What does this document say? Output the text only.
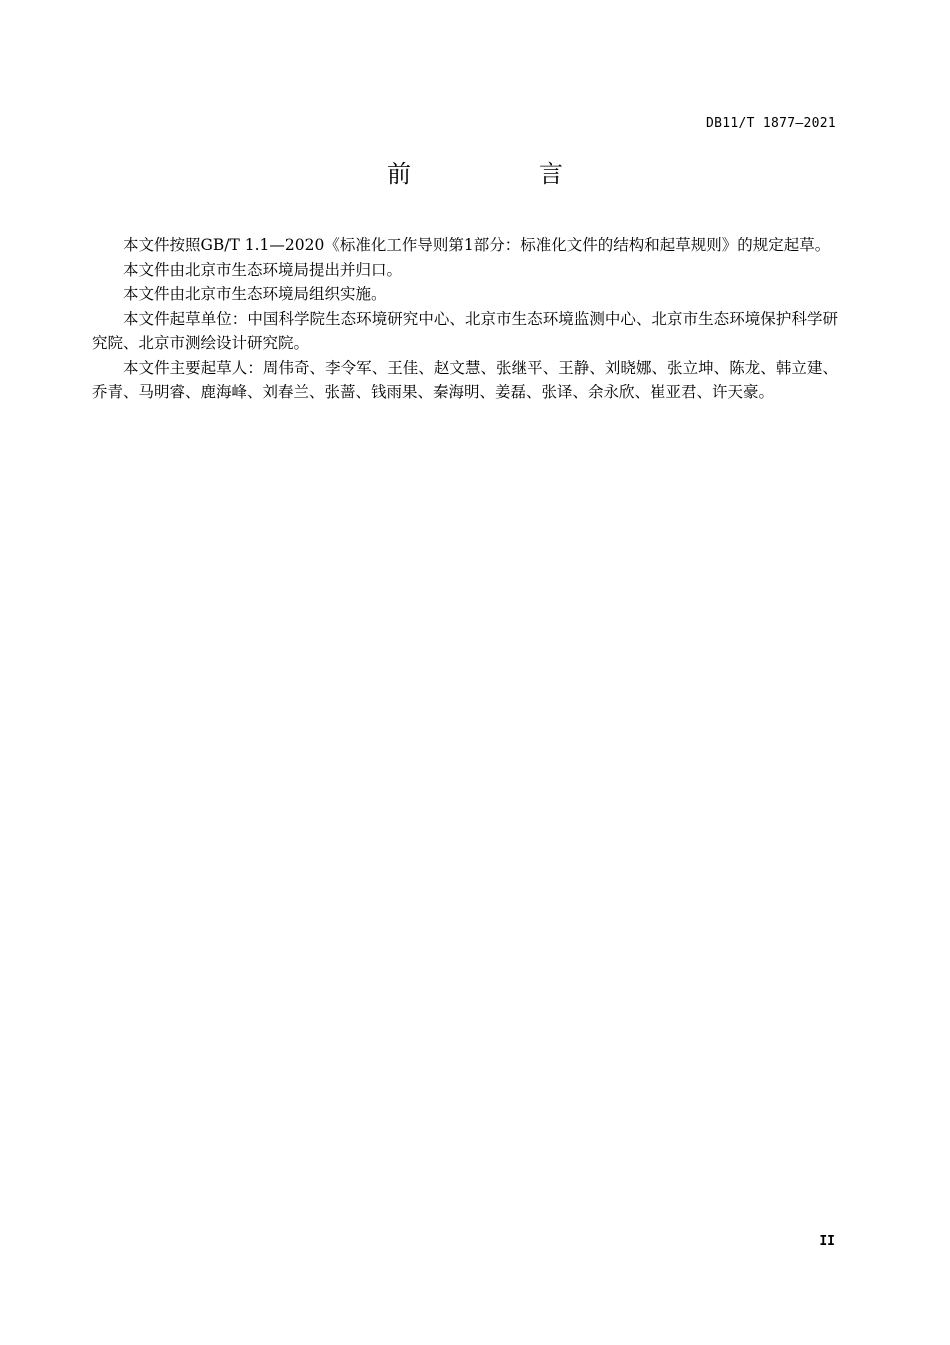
DB11/T 1877—2021
前　言

本文件按照GB/T 1.1—2020《标准化工作导则第1部分：标准化文件的结构和起草规则》的规定起草。

本文件由北京市生态环境局提出并归口。

本文件由北京市生态环境局组织实施。

本文件起草单位：中国科学院生态环境研究中心、北京市生态环境监测中心、北京市生态环境保护科学研究院、北京市测绘设计研究院。

本文件主要起草人：周伟奇、李令军、王佳、赵文慧、张继平、王静、刘晓娜、张立坤、陈龙、韩立建、乔青、马明睿、鹿海峰、刘春兰、张蔷、钱雨果、秦海明、姜磊、张译、余永欣、崔亚君、许天豪。

II
